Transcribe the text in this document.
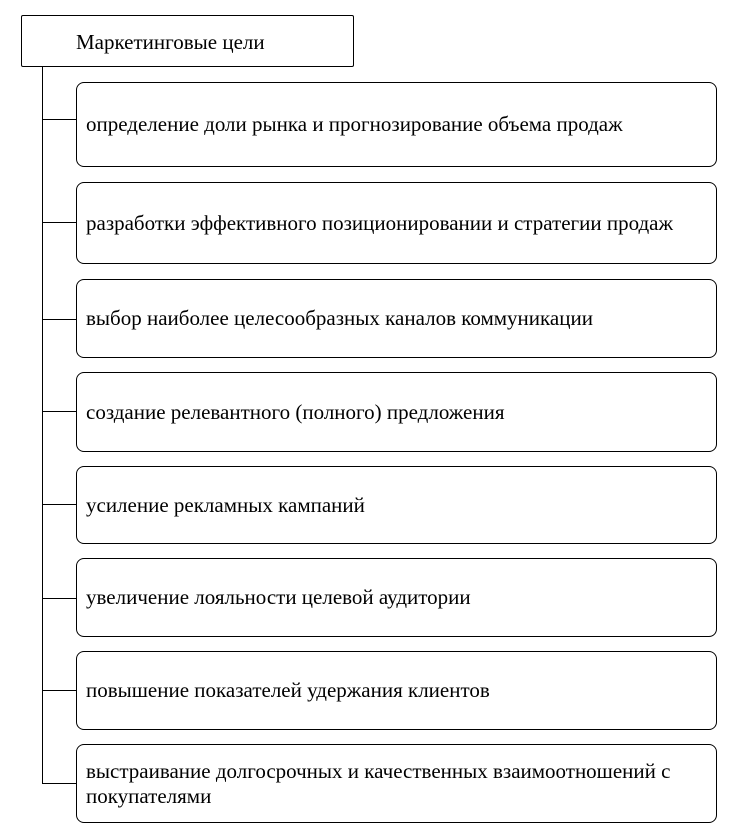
Маркетинговые цели
определение доли рынка и прогнозирование объема продаж
разработки эффективного позиционировании и стратегии продаж
выбор наиболее целесообразных каналов коммуникации
создание релевантного (полного) предложения
усиление рекламных кампаний
увеличение лояльности целевой аудитории
повышение показателей удержания клиентов
выстраивание долгосрочных и качественных взаимоотношений с покупателями
